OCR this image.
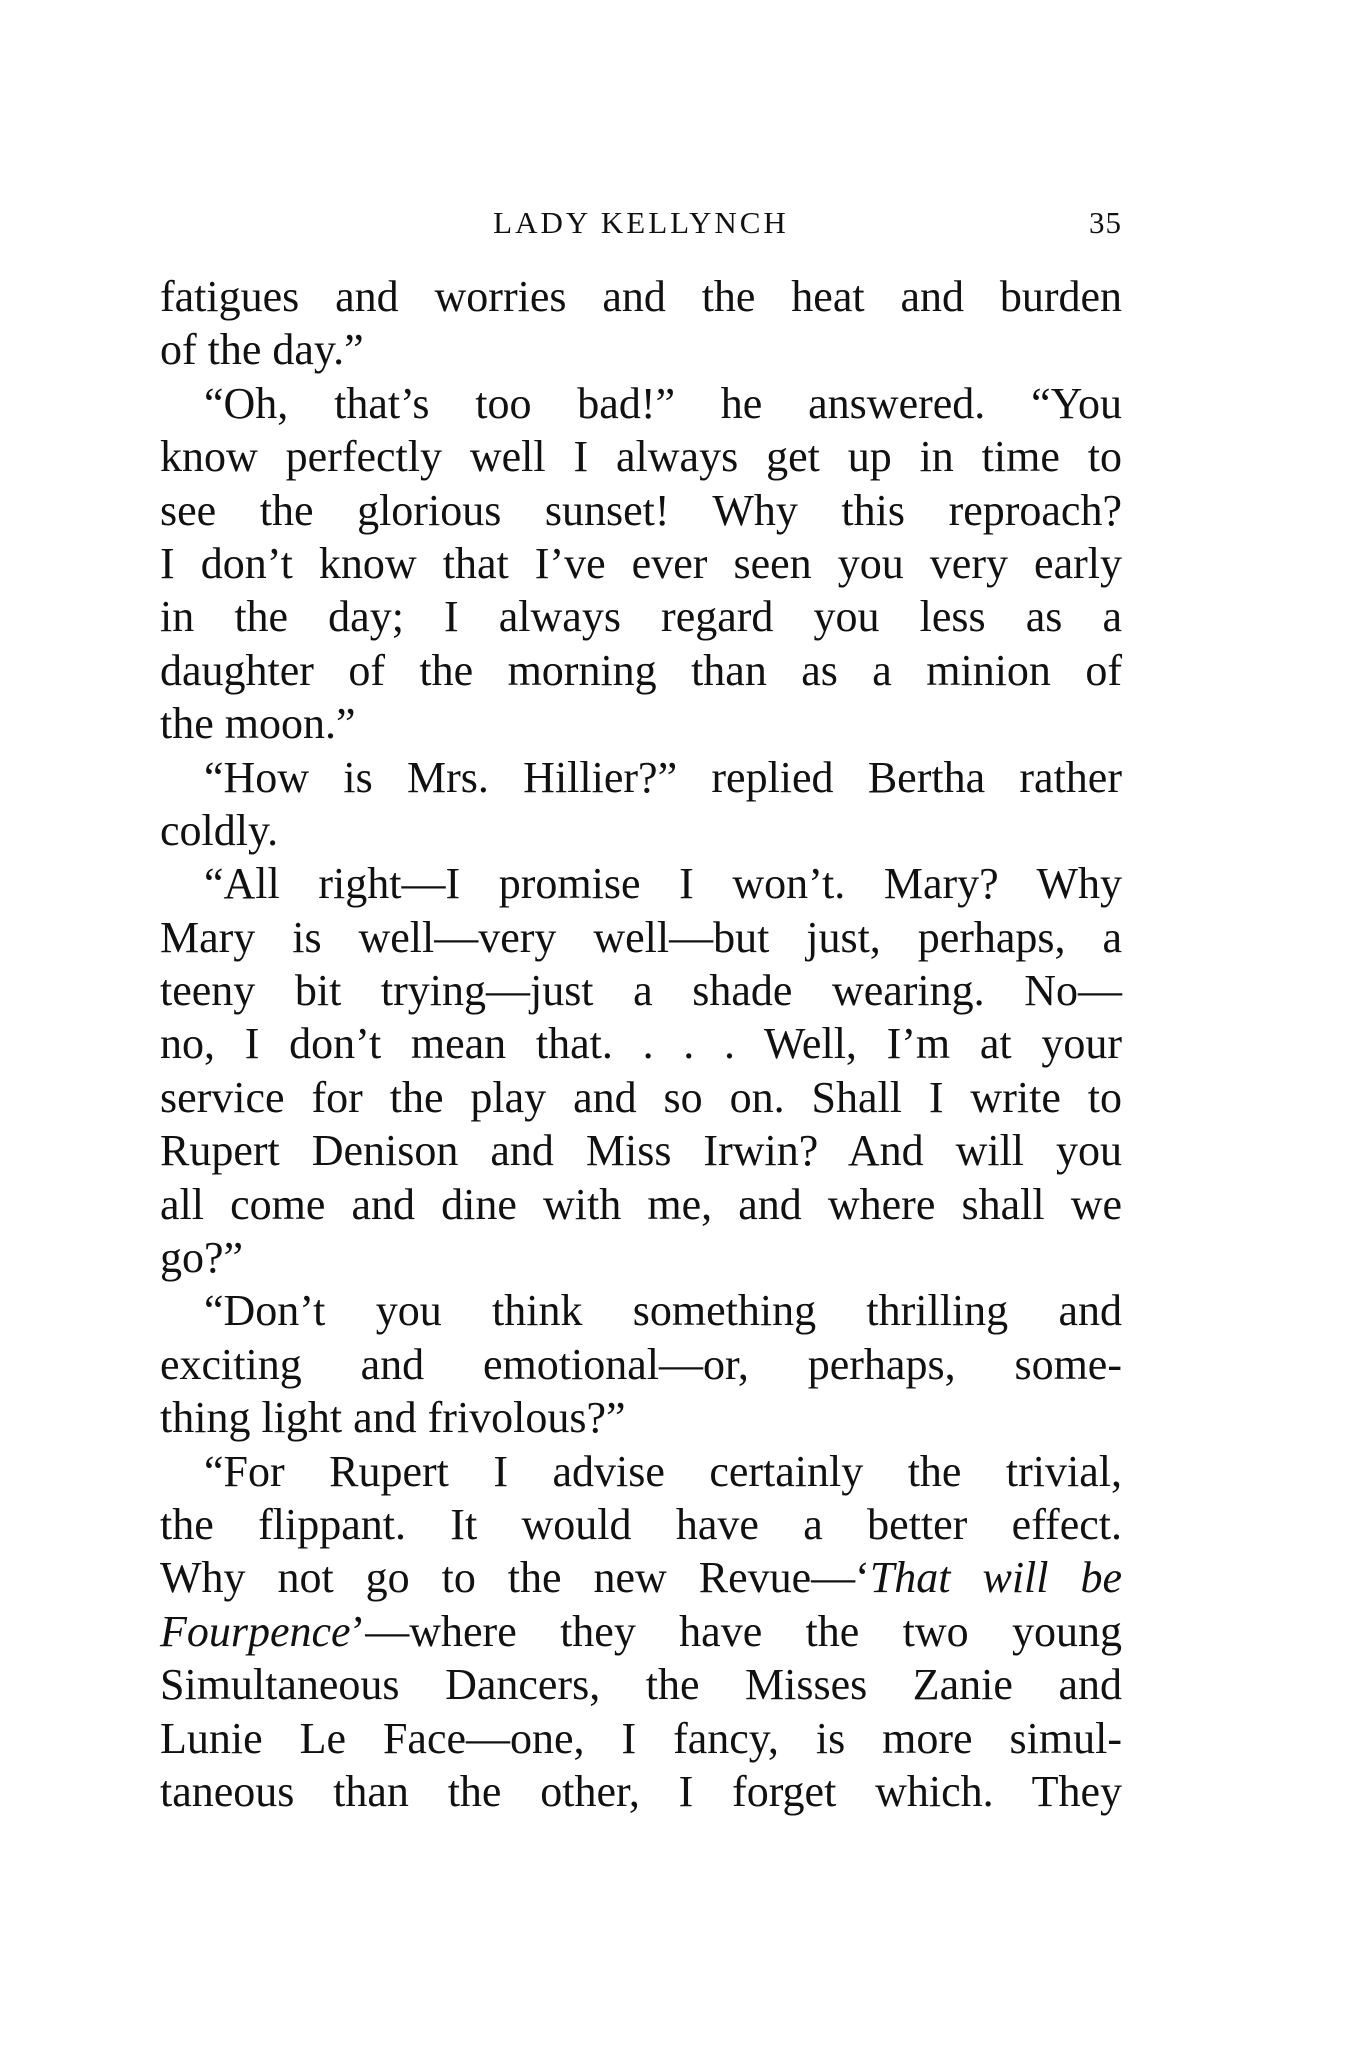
LADY KELLYNCH	35
fatigues and worries and the heat and burden
of the day.”
“Oh, that’s too bad!” he answered. “You
know perfectly well I always get up in time to
see the glorious sunset! Why this reproach?
I don’t know that I’ve ever seen you very early
in the day; I always regard you less as a
daughter of the morning than as a minion of
the moon.”
“How is Mrs. Hillier?” replied Bertha rather
coldly.
“All right—I promise I won’t. Mary? Why
Mary is well—very well—but just, perhaps, a
teeny bit trying—just a shade wearing. No—
no, I don’t mean that. . . . Well, I’m at your
service for the play and so on. Shall I write to
Rupert Denison and Miss Irwin? And will you
all come and dine with me, and where shall we
go?”
“Don’t you think something thrilling and
exciting and emotional—or, perhaps, some-
thing light and frivolous?”
“For Rupert I advise certainly the trivial,
the flippant. It would have a better effect.
Why not go to the new Revue—‘That will be
Fourpence’—where they have the two young
Simultaneous Dancers, the Misses Zanie and
Lunie Le Face—one, I fancy, is more simul-
taneous than the other, I forget which. They
